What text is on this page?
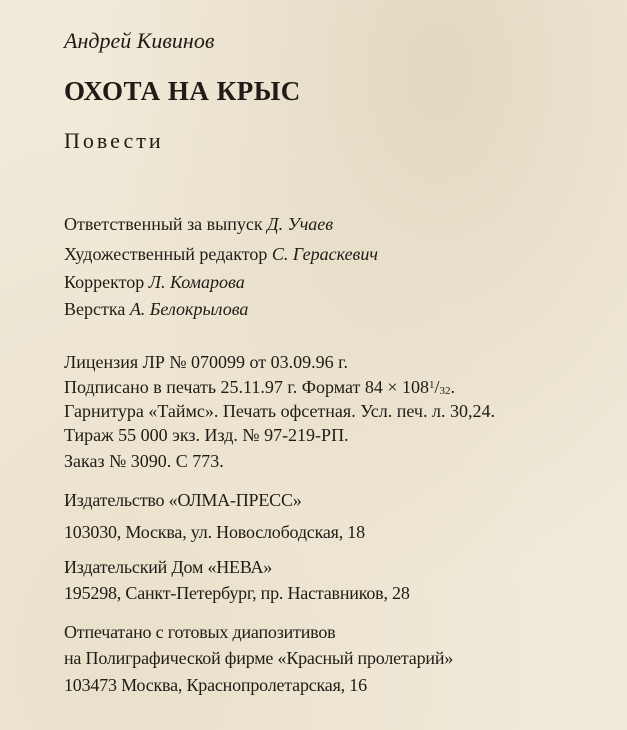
Андрей Кивинов
ОХОТА НА КРЫС
Повести
Ответственный за выпуск Д. Учаев
Художественный редактор С. Гераскевич
Корректор Л. Комарова
Верстка А. Белокрылова
Лицензия ЛР № 070099 от 03.09.96 г.
Подписано в печать 25.11.97 г. Формат $84 \times 108^1/_{32}$.
Гарнитура «Таймс». Печать офсетная. Усл. печ. л. 30,24.
Тираж 55 000 экз. Изд. № 97-219-РП.
Заказ № 3090. С 773.
Издательство «ОЛМА-ПРЕСС»
103030, Москва, ул. Новослободская, 18
Издательский Дом «НЕВА»
195298, Санкт-Петербург, пр. Наставников, 28
Отпечатано с готовых диапозитивов
на Полиграфической фирме «Красный пролетарий»
103473 Москва, Краснопролетарская, 16
